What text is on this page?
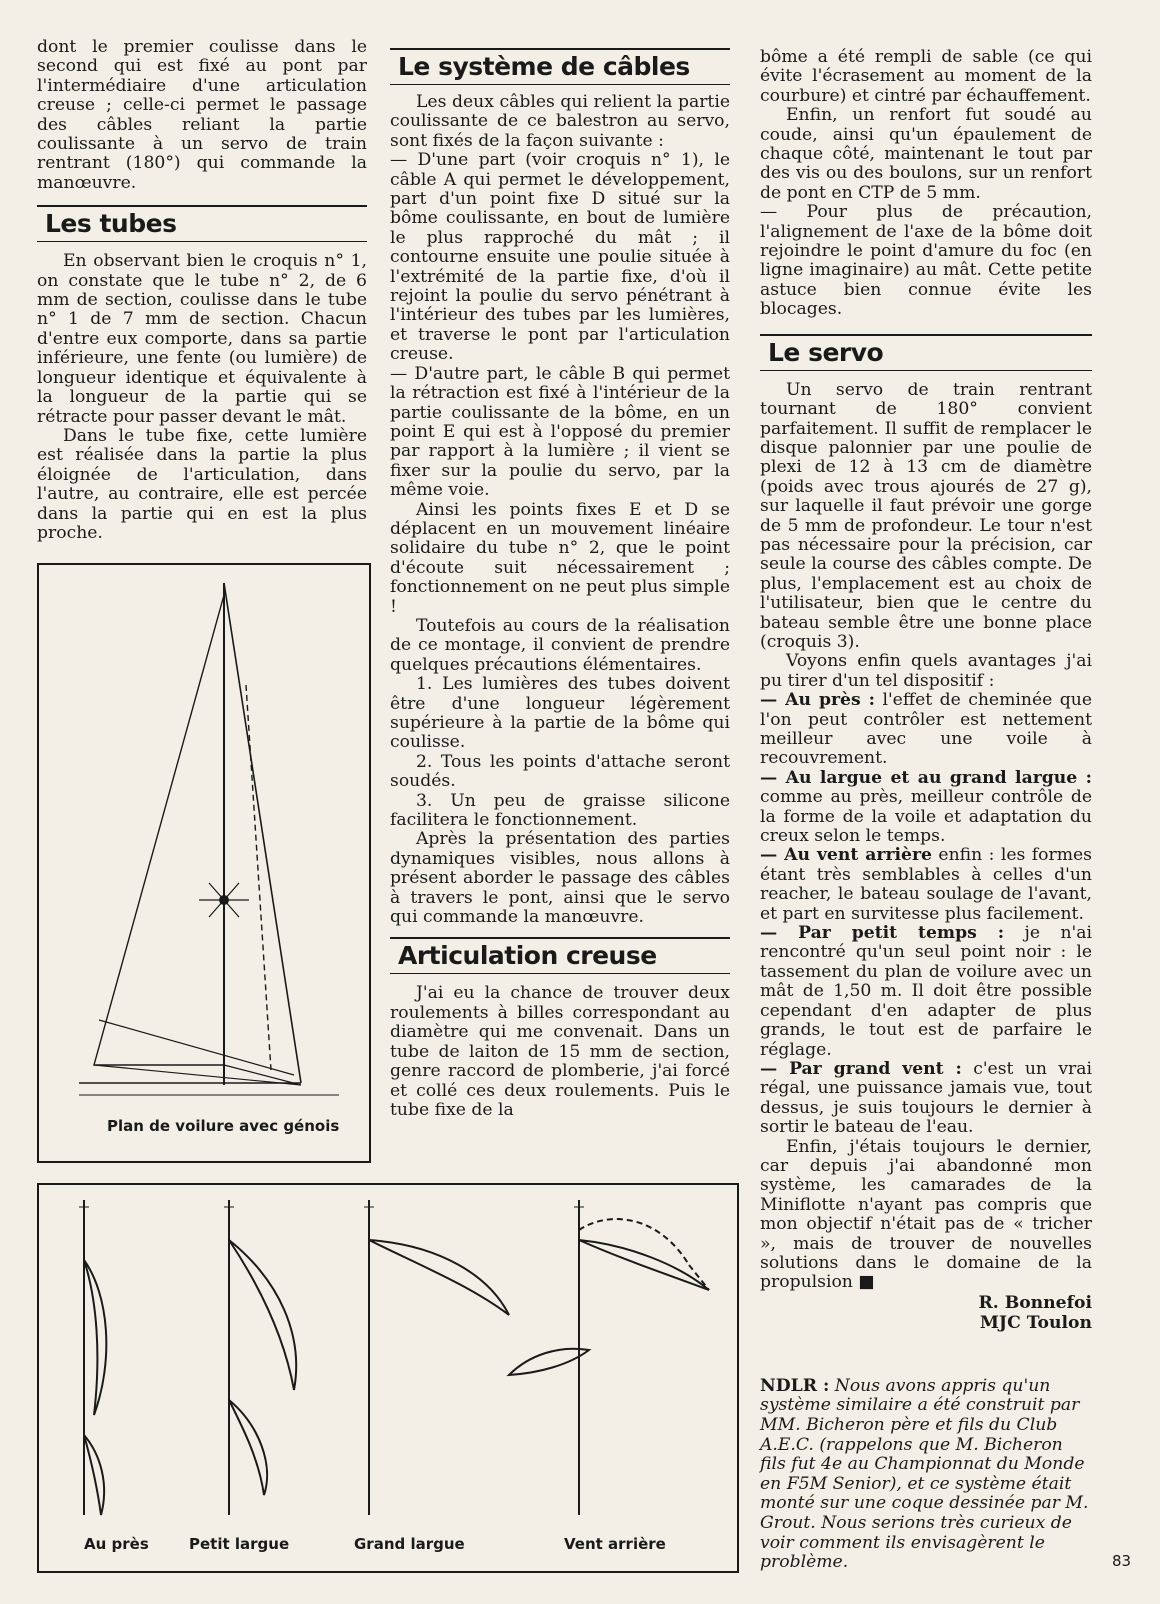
dont le premier coulisse dans le second qui est fixé au pont par l'intermédiaire d'une articulation creuse ; celle-ci permet le passage des câbles reliant la partie coulissante à un servo de train rentrant (180°) qui commande la manœuvre.

Les tubes

En observant bien le croquis n° 1, on constate que le tube n° 2, de 6 mm de section, coulisse dans le tube n° 1 de 7 mm de section. Chacun d'entre eux comporte, dans sa partie inférieure, une fente (ou lumière) de longueur identique et équivalente à la longueur de la partie qui se rétracte pour passer devant le mât.

Dans le tube fixe, cette lumière est réalisée dans la partie la plus éloignée de l'articulation, dans l'autre, au contraire, elle est percée dans la partie qui en est la plus proche.

Plan de voilure avec génois
Le système de câbles

Les deux câbles qui relient la partie coulissante de ce balestron au servo, sont fixés de la façon suivante :

— D'une part (voir croquis n° 1), le câble A qui permet le développement, part d'un point fixe D situé sur la bôme coulissante, en bout de lumière le plus rapproché du mât ; il contourne ensuite une poulie située à l'extrémité de la partie fixe, d'où il rejoint la poulie du servo pénétrant à l'intérieur des tubes par les lumières, et traverse le pont par l'articulation creuse.

— D'autre part, le câble B qui permet la rétraction est fixé à l'intérieur de la partie coulissante de la bôme, en un point E qui est à l'opposé du premier par rapport à la lumière ; il vient se fixer sur la poulie du servo, par la même voie.

Ainsi les points fixes E et D se déplacent en un mouvement linéaire solidaire du tube n° 2, que le point d'écoute suit nécessairement ; fonctionnement on ne peut plus simple !

Toutefois au cours de la réalisation de ce montage, il convient de prendre quelques précautions élémentaires.

1. Les lumières des tubes doivent être d'une longueur légèrement supérieure à la partie de la bôme qui coulisse.

2. Tous les points d'attache seront soudés.

3. Un peu de graisse silicone facilitera le fonctionnement.

Après la présentation des parties dynamiques visibles, nous allons à présent aborder le passage des câbles à travers le pont, ainsi que le servo qui commande la manœuvre.

Articulation creuse

J'ai eu la chance de trouver deux roulements à billes correspondant au diamètre qui me convenait. Dans un tube de laiton de 15 mm de section, genre raccord de plomberie, j'ai forcé et collé ces deux roulements. Puis le tube fixe de la

bôme a été rempli de sable (ce qui évite l'écrasement au moment de la courbure) et cintré par échauffement.

Enfin, un renfort fut soudé au coude, ainsi qu'un épaulement de chaque côté, maintenant le tout par des vis ou des boulons, sur un renfort de pont en CTP de 5 mm.

— Pour plus de précaution, l'alignement de l'axe de la bôme doit rejoindre le point d'amure du foc (en ligne imaginaire) au mât. Cette petite astuce bien connue évite les blocages.

Le servo

Un servo de train rentrant tournant de 180° convient parfaitement. Il suffit de remplacer le disque palonnier par une poulie de plexi de 12 à 13 cm de diamètre (poids avec trous ajourés de 27 g), sur laquelle il faut prévoir une gorge de 5 mm de profondeur. Le tour n'est pas nécessaire pour la précision, car seule la course des câbles compte. De plus, l'emplacement est au choix de l'utilisateur, bien que le centre du bateau semble être une bonne place (croquis 3).

Voyons enfin quels avantages j'ai pu tirer d'un tel dispositif :

— Au près : l'effet de cheminée que l'on peut contrôler est nettement meilleur avec une voile à recouvrement.

— Au largue et au grand largue : comme au près, meilleur contrôle de la forme de la voile et adaptation du creux selon le temps.

— Au vent arrière enfin : les formes étant très semblables à celles d'un reacher, le bateau soulage de l'avant, et part en survitesse plus facilement.

— Par petit temps : je n'ai rencontré qu'un seul point noir : le tassement du plan de voilure avec un mât de 1,50 m. Il doit être possible cependant d'en adapter de plus grands, le tout est de parfaire le réglage.

— Par grand vent : c'est un vrai régal, une puissance jamais vue, tout dessus, je suis toujours le dernier à sortir le bateau de l'eau.

Enfin, j'étais toujours le dernier, car depuis j'ai abandonné mon système, les camarades de la Miniflotte n'ayant pas compris que mon objectif n'était pas de « tricher », mais de trouver de nouvelles solutions dans le domaine de la propulsion ■

R. Bonnefoi
MJC Toulon

NDLR : Nous avons appris qu'un système similaire a été construit par MM. Bicheron père et fils du Club A.E.C. (rappelons que M. Bicheron fils fut 4e au Championnat du Monde en F5M Senior), et ce système était monté sur une coque dessinée par M. Grout. Nous serions très curieux de voir comment ils envisagèrent le problème.

Au près	Petit largue	Grand largue	Vent arrière
83
